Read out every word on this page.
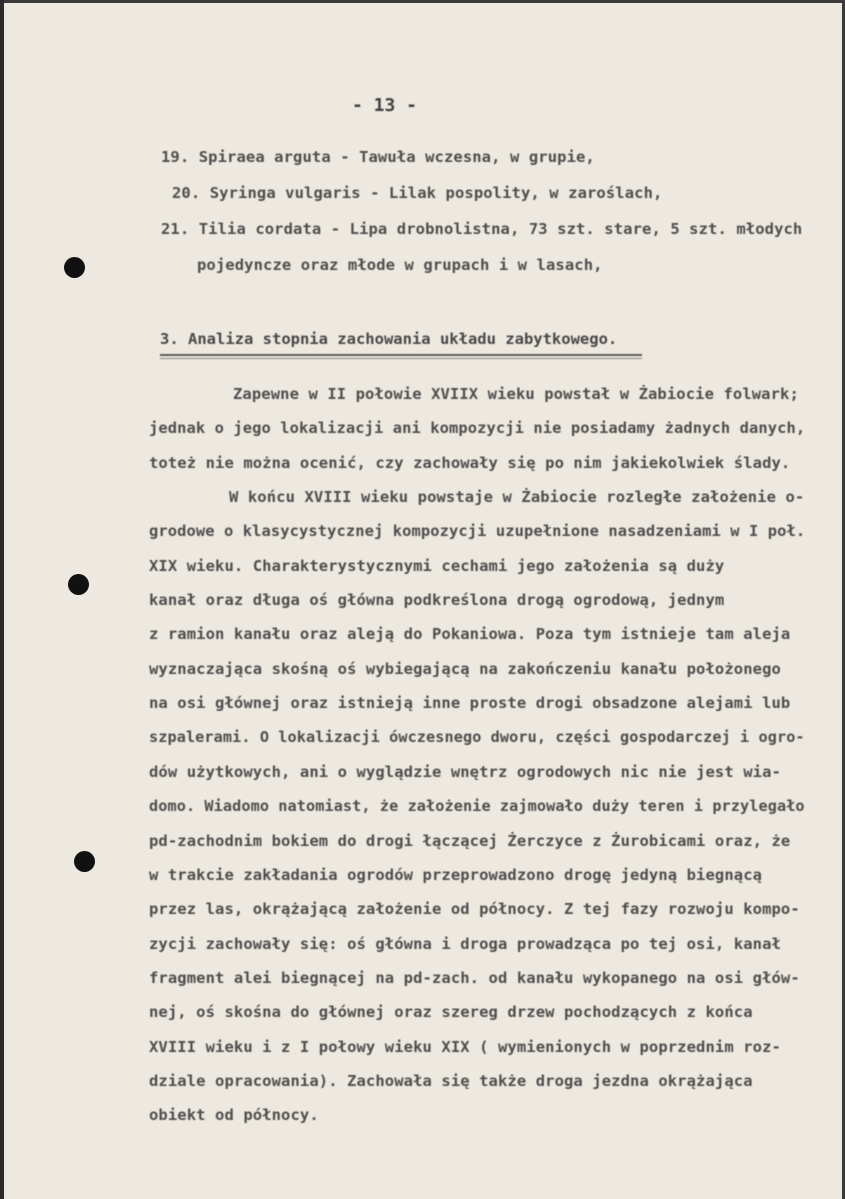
- 13 -
19. Spiraea arguta - Tawuła wczesna, w grupie,
20. Syringa vulgaris - Lilak pospolity, w zaroślach,
21. Tilia cordata - Lipa drobnolistna, 73 szt. stare, 5 szt. młodych
pojedyncze oraz młode w grupach i w lasach,
3. Analiza stopnia zachowania układu zabytkowego.
Zapewne w II połowie XVIIX wieku powstał w Żabiocie folwark;
jednak o jego lokalizacji ani kompozycji nie posiadamy żadnych danych,
toteż nie można ocenić, czy zachowały się po nim jakiekolwiek ślady.
W końcu XVIII wieku powstaje w Żabiocie rozległe założenie o-
grodowe o klasycystycznej kompozycji uzupełnione nasadzeniami w I poł.
XIX wieku. Charakterystycznymi cechami jego założenia są duży
kanał oraz długa oś główna podkreślona drogą ogrodową, jednym
z ramion kanału oraz aleją do Pokaniowa. Poza tym istnieje tam aleja
wyznaczająca skośną oś wybiegającą na zakończeniu kanału położonego
na osi głównej oraz istnieją inne proste drogi obsadzone alejami lub
szpalerami. O lokalizacji ówczesnego dworu, części gospodarczej i ogro-
dów użytkowych, ani o wyglądzie wnętrz ogrodowych nic nie jest wia-
domo. Wiadomo natomiast, że założenie zajmowało duży teren i przylegało
pd-zachodnim bokiem do drogi łączącej Żerczyce z Żurobicami oraz, że
w trakcie zakładania ogrodów przeprowadzono drogę jedyną biegnącą
przez las, okrążającą założenie od północy. Z tej fazy rozwoju kompo-
zycji zachowały się: oś główna i droga prowadząca po tej osi, kanał
fragment alei biegnącej na pd-zach. od kanału wykopanego na osi głów-
nej, oś skośna do głównej oraz szereg drzew pochodzących z końca
XVIII wieku i z I połowy wieku XIX ( wymienionych w poprzednim roz-
dziale opracowania). Zachowała się także droga jezdna okrążająca
obiekt od północy.
